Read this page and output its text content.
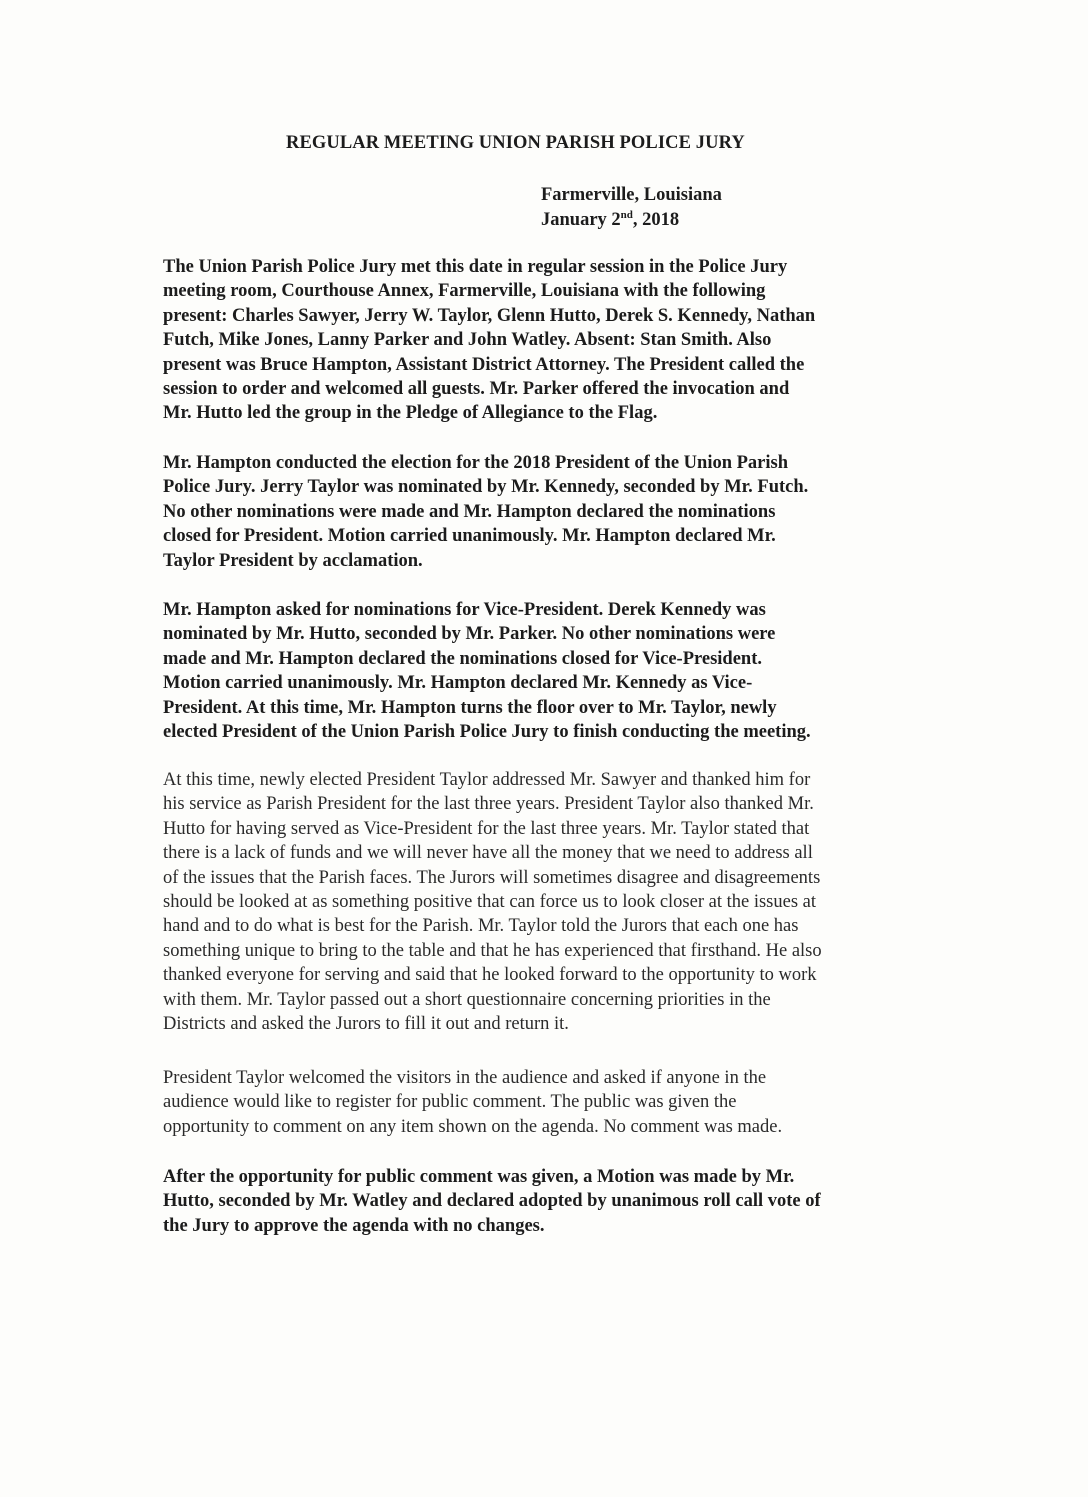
REGULAR MEETING UNION PARISH POLICE JURY
Farmerville, Louisiana
January 2nd, 2018
The Union Parish Police Jury met this date in regular session in the Police Jury
meeting room, Courthouse Annex, Farmerville, Louisiana with the following
present: Charles Sawyer, Jerry W. Taylor, Glenn Hutto, Derek S. Kennedy, Nathan
Futch, Mike Jones, Lanny Parker and John Watley. Absent: Stan Smith. Also
present was Bruce Hampton, Assistant District Attorney. The President called the
session to order and welcomed all guests. Mr. Parker offered the invocation and
Mr. Hutto led the group in the Pledge of Allegiance to the Flag.
Mr. Hampton conducted the election for the 2018 President of the Union Parish
Police Jury. Jerry Taylor was nominated by Mr. Kennedy, seconded by Mr. Futch.
No other nominations were made and Mr. Hampton declared the nominations
closed for President. Motion carried unanimously. Mr. Hampton declared Mr.
Taylor President by acclamation.
Mr. Hampton asked for nominations for Vice-President. Derek Kennedy was
nominated by Mr. Hutto, seconded by Mr. Parker. No other nominations were
made and Mr. Hampton declared the nominations closed for Vice-President.
Motion carried unanimously. Mr. Hampton declared Mr. Kennedy as Vice-
President. At this time, Mr. Hampton turns the floor over to Mr. Taylor, newly
elected President of the Union Parish Police Jury to finish conducting the meeting.
At this time, newly elected President Taylor addressed Mr. Sawyer and thanked him for
his service as Parish President for the last three years. President Taylor also thanked Mr.
Hutto for having served as Vice-President for the last three years. Mr. Taylor stated that
there is a lack of funds and we will never have all the money that we need to address all
of the issues that the Parish faces. The Jurors will sometimes disagree and disagreements
should be looked at as something positive that can force us to look closer at the issues at
hand and to do what is best for the Parish. Mr. Taylor told the Jurors that each one has
something unique to bring to the table and that he has experienced that firsthand. He also
thanked everyone for serving and said that he looked forward to the opportunity to work
with them. Mr. Taylor passed out a short questionnaire concerning priorities in the
Districts and asked the Jurors to fill it out and return it.
President Taylor welcomed the visitors in the audience and asked if anyone in the
audience would like to register for public comment. The public was given the
opportunity to comment on any item shown on the agenda. No comment was made.
After the opportunity for public comment was given, a Motion was made by Mr.
Hutto, seconded by Mr. Watley and declared adopted by unanimous roll call vote of
the Jury to approve the agenda with no changes.
